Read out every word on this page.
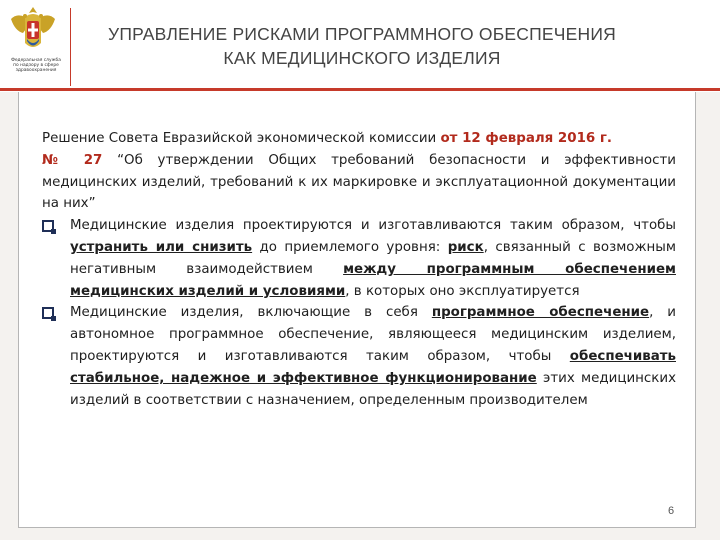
Федеральная служба
по надзору в сфере
здравоохранения
УПРАВЛЕНИЕ РИСКАМИ ПРОГРАММНОГО ОБЕСПЕЧЕНИЯ
КАК МЕДИЦИНСКОГО ИЗДЕЛИЯ

Решение Совета Евразийской экономической комиссии от 12 февраля 2016 г.
№ 27 “Об утверждении Общих требований безопасности и эффективности медицинских изделий, требований к их маркировке и эксплуатационной документации на них”

Медицинские изделия проектируются и изготавливаются таким образом, чтобы устранить или снизить до приемлемого уровня: риск, связанный с возможным негативным взаимодействием между программным обеспечением медицинских изделий и условиями, в которых оно эксплуатируется
Медицинские изделия, включающие в себя программное обеспечение, и автономное программное обеспечение, являющееся медицинским изделием, проектируются и изготавливаются таким образом, чтобы обеспечивать стабильное, надежное и эффективное функционирование этих медицинских изделий в соответствии с назначением, определенным производителем
6
